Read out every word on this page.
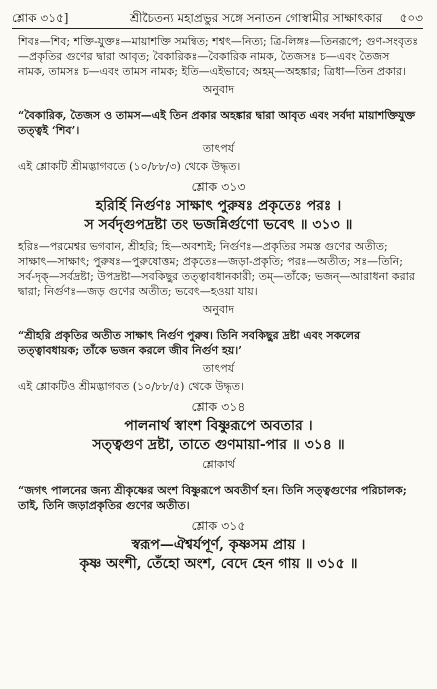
শ্লোক ৩১৫]	শ্রীচৈতন্য মহাপ্রভুর সঙ্গে সনাতন গোস্বামীর সাক্ষাৎকার ৫০৩

শিবঃ—শিব; শক্তি-যুক্তঃ—মায়াশক্তি সমন্বিত; শশ্বৎ—নিত্য; ত্রি-লিঙ্গঃ—তিনরূপে; গুণ-সংবৃতঃ—প্রকৃতির গুণের দ্বারা আবৃত; বৈকারিকঃ—বৈকারিক নামক, তৈজসঃ চ—এবং তৈজস নামক, তামসঃ চ—এবং তামস নামক; ইতি—এইভাবে; অহম্—অহঙ্কার; ত্রিধা—তিন প্রকার।

অনুবাদ

“বৈকারিক, তৈজস ও তামস—এই তিন প্রকার অহঙ্কার দ্বারা আবৃত এবং সর্বদা মায়াশক্তিযুক্ত তত্ত্বই ‘শিব’।

তাৎপর্য

এই শ্লোকটি শ্রীমদ্ভাগবতে (১০/৮৮/৩) থেকে উদ্ধৃত।

শ্লোক ৩১৩
হরির্হি নির্গুণঃ সাক্ষাৎ পুরুষঃ প্রকৃতেঃ পরঃ ।
স সর্বদৃগুপদ্রষ্টা তং ভজন্নির্গুণো ভবেৎ ॥ ৩১৩ ॥

হরিঃ—পরমেশ্বর ভগবান, শ্রীহরি; হি—অবশ্যই; নির্গুণঃ—প্রকৃতির সমস্ত গুণের অতীত; সাক্ষাৎ—সাক্ষাৎ; পুরুষঃ—পুরুষোত্তম; প্রকৃতেঃ—জড়া-প্রকৃতি; পরঃ—অতীত; সঃ—তিনি; সর্ব-দৃক্—সর্বদ্রষ্টা; উপদ্রষ্টা—সবকিছুর তত্ত্বাবধানকারী; তম্—তাঁকে; ভজন্—আরাধনা করার দ্বারা; নির্গুণঃ—জড় গুণের অতীত; ভবেৎ—হওয়া যায়।

অনুবাদ

“শ্রীহরি প্রকৃতির অতীত সাক্ষাৎ নির্গুণ পুরুষ। তিনি সবকিছুর দ্রষ্টা এবং সকলের তত্ত্বাবধায়ক; তাঁকে ভজন করলে জীব নির্গুণ হয়।’

তাৎপর্য

এই শ্লোকটিও শ্রীমদ্ভাগবত (১০/৮৮/৫) থেকে উদ্ধৃত।

শ্লোক ৩১৪
পালনার্থ স্বাংশ বিষ্ণুরূপে অবতার ।
সত্ত্বগুণ দ্রষ্টা, তাতে গুণমায়া-পার ॥ ৩১৪ ॥
শ্লোকার্থ

“জগৎ পালনের জন্য শ্রীকৃষ্ণের অংশ বিষ্ণুরূপে অবতীর্ণ হন। তিনি সত্ত্বগুণের পরিচালক; তাই, তিনি জড়াপ্রকৃতির গুণের অতীত।

শ্লোক ৩১৫
স্বরূপ—ঐশ্বর্যপূর্ণ, কৃষ্ণসম প্রায় ।
কৃষ্ণ অংশী, তেঁহো অংশ, বেদে হেন গায় ॥ ৩১৫ ॥
